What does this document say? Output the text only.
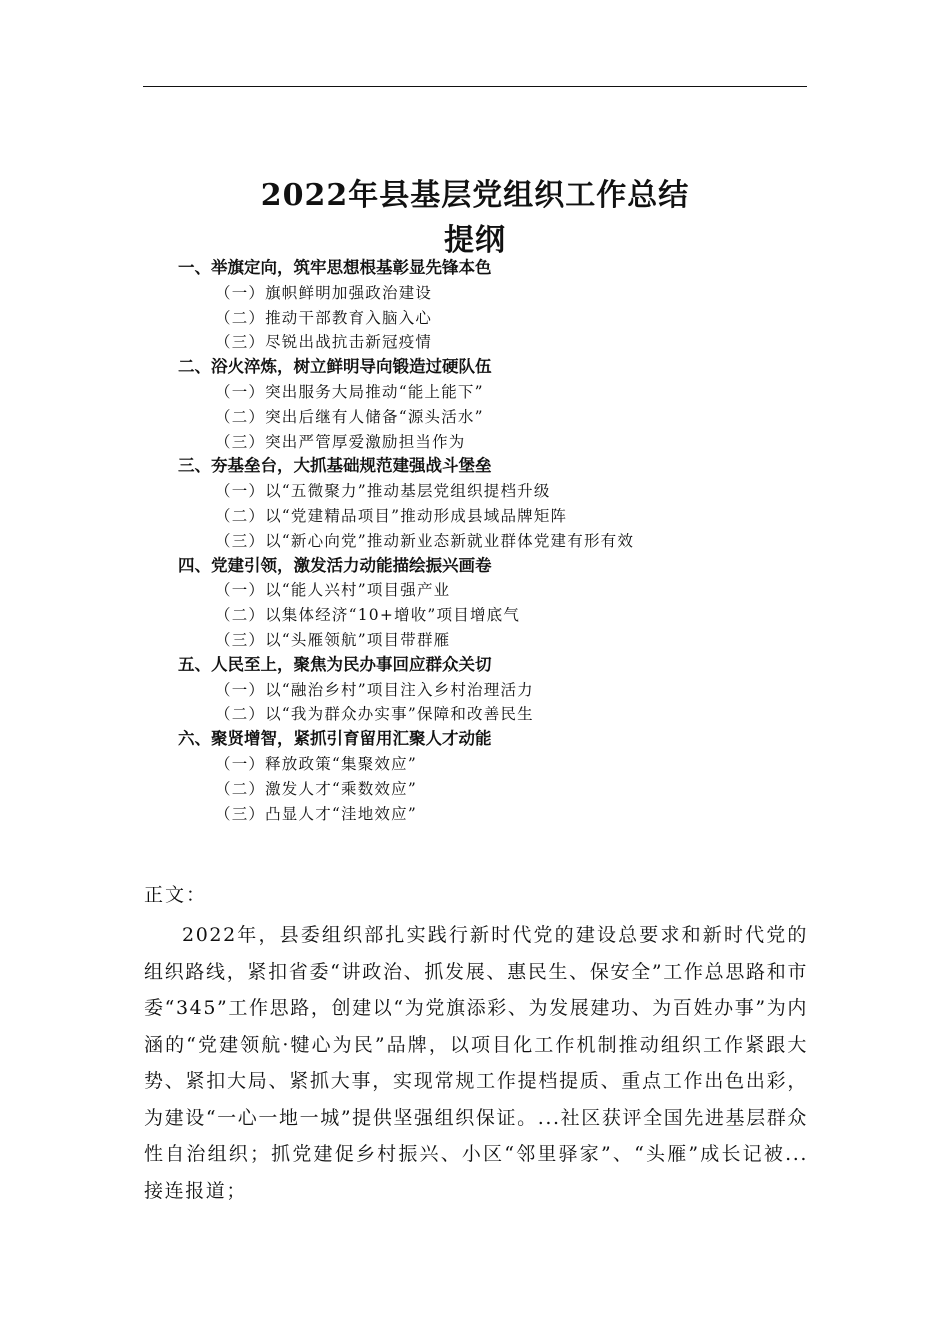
2022年县基层党组织工作总结
提纲
一、举旗定向，筑牢思想根基彰显先锋本色
（一）旗帜鲜明加强政治建设
（二）推动干部教育入脑入心
（三）尽锐出战抗击新冠疫情
二、浴火淬炼，树立鲜明导向锻造过硬队伍
（一）突出服务大局推动“能上能下”
（二）突出后继有人储备“源头活水”
（三）突出严管厚爱激励担当作为
三、夯基垒台，大抓基础规范建强战斗堡垒
（一）以“五微聚力”推动基层党组织提档升级
（二）以“党建精品项目”推动形成县域品牌矩阵
（三）以“新心向党”推动新业态新就业群体党建有形有效
四、党建引领，激发活力动能描绘振兴画卷
（一）以“能人兴村”项目强产业
（二）以集体经济“10+增收”项目增底气
（三）以“头雁领航”项目带群雁
五、人民至上，聚焦为民办事回应群众关切
（一）以“融治乡村”项目注入乡村治理活力
（二）以“我为群众办实事”保障和改善民生
六、聚贤增智，紧抓引育留用汇聚人才动能
（一）释放政策“集聚效应”
（二）激发人才“乘数效应”
（三）凸显人才“洼地效应”
正文：

2022年，县委组织部扎实践行新时代党的建设总要求和新时代党的组织路线，紧扣省委“讲政治、抓发展、惠民生、保安全”工作总思路和市委“345”工作思路，创建以“为党旗添彩、为发展建功、为百姓办事”为内涵的“党建领航·犍心为民”品牌，以项目化工作机制推动组织工作紧跟大势、紧扣大局、紧抓大事，实现常规工作提档提质、重点工作出色出彩，为建设“一心一地一城”提供坚强组织保证。...社区获评全国先进基层群众性自治组织；抓党建促乡村振兴、小区“邻里驿家”、“头雁”成长记被...接连报道；
